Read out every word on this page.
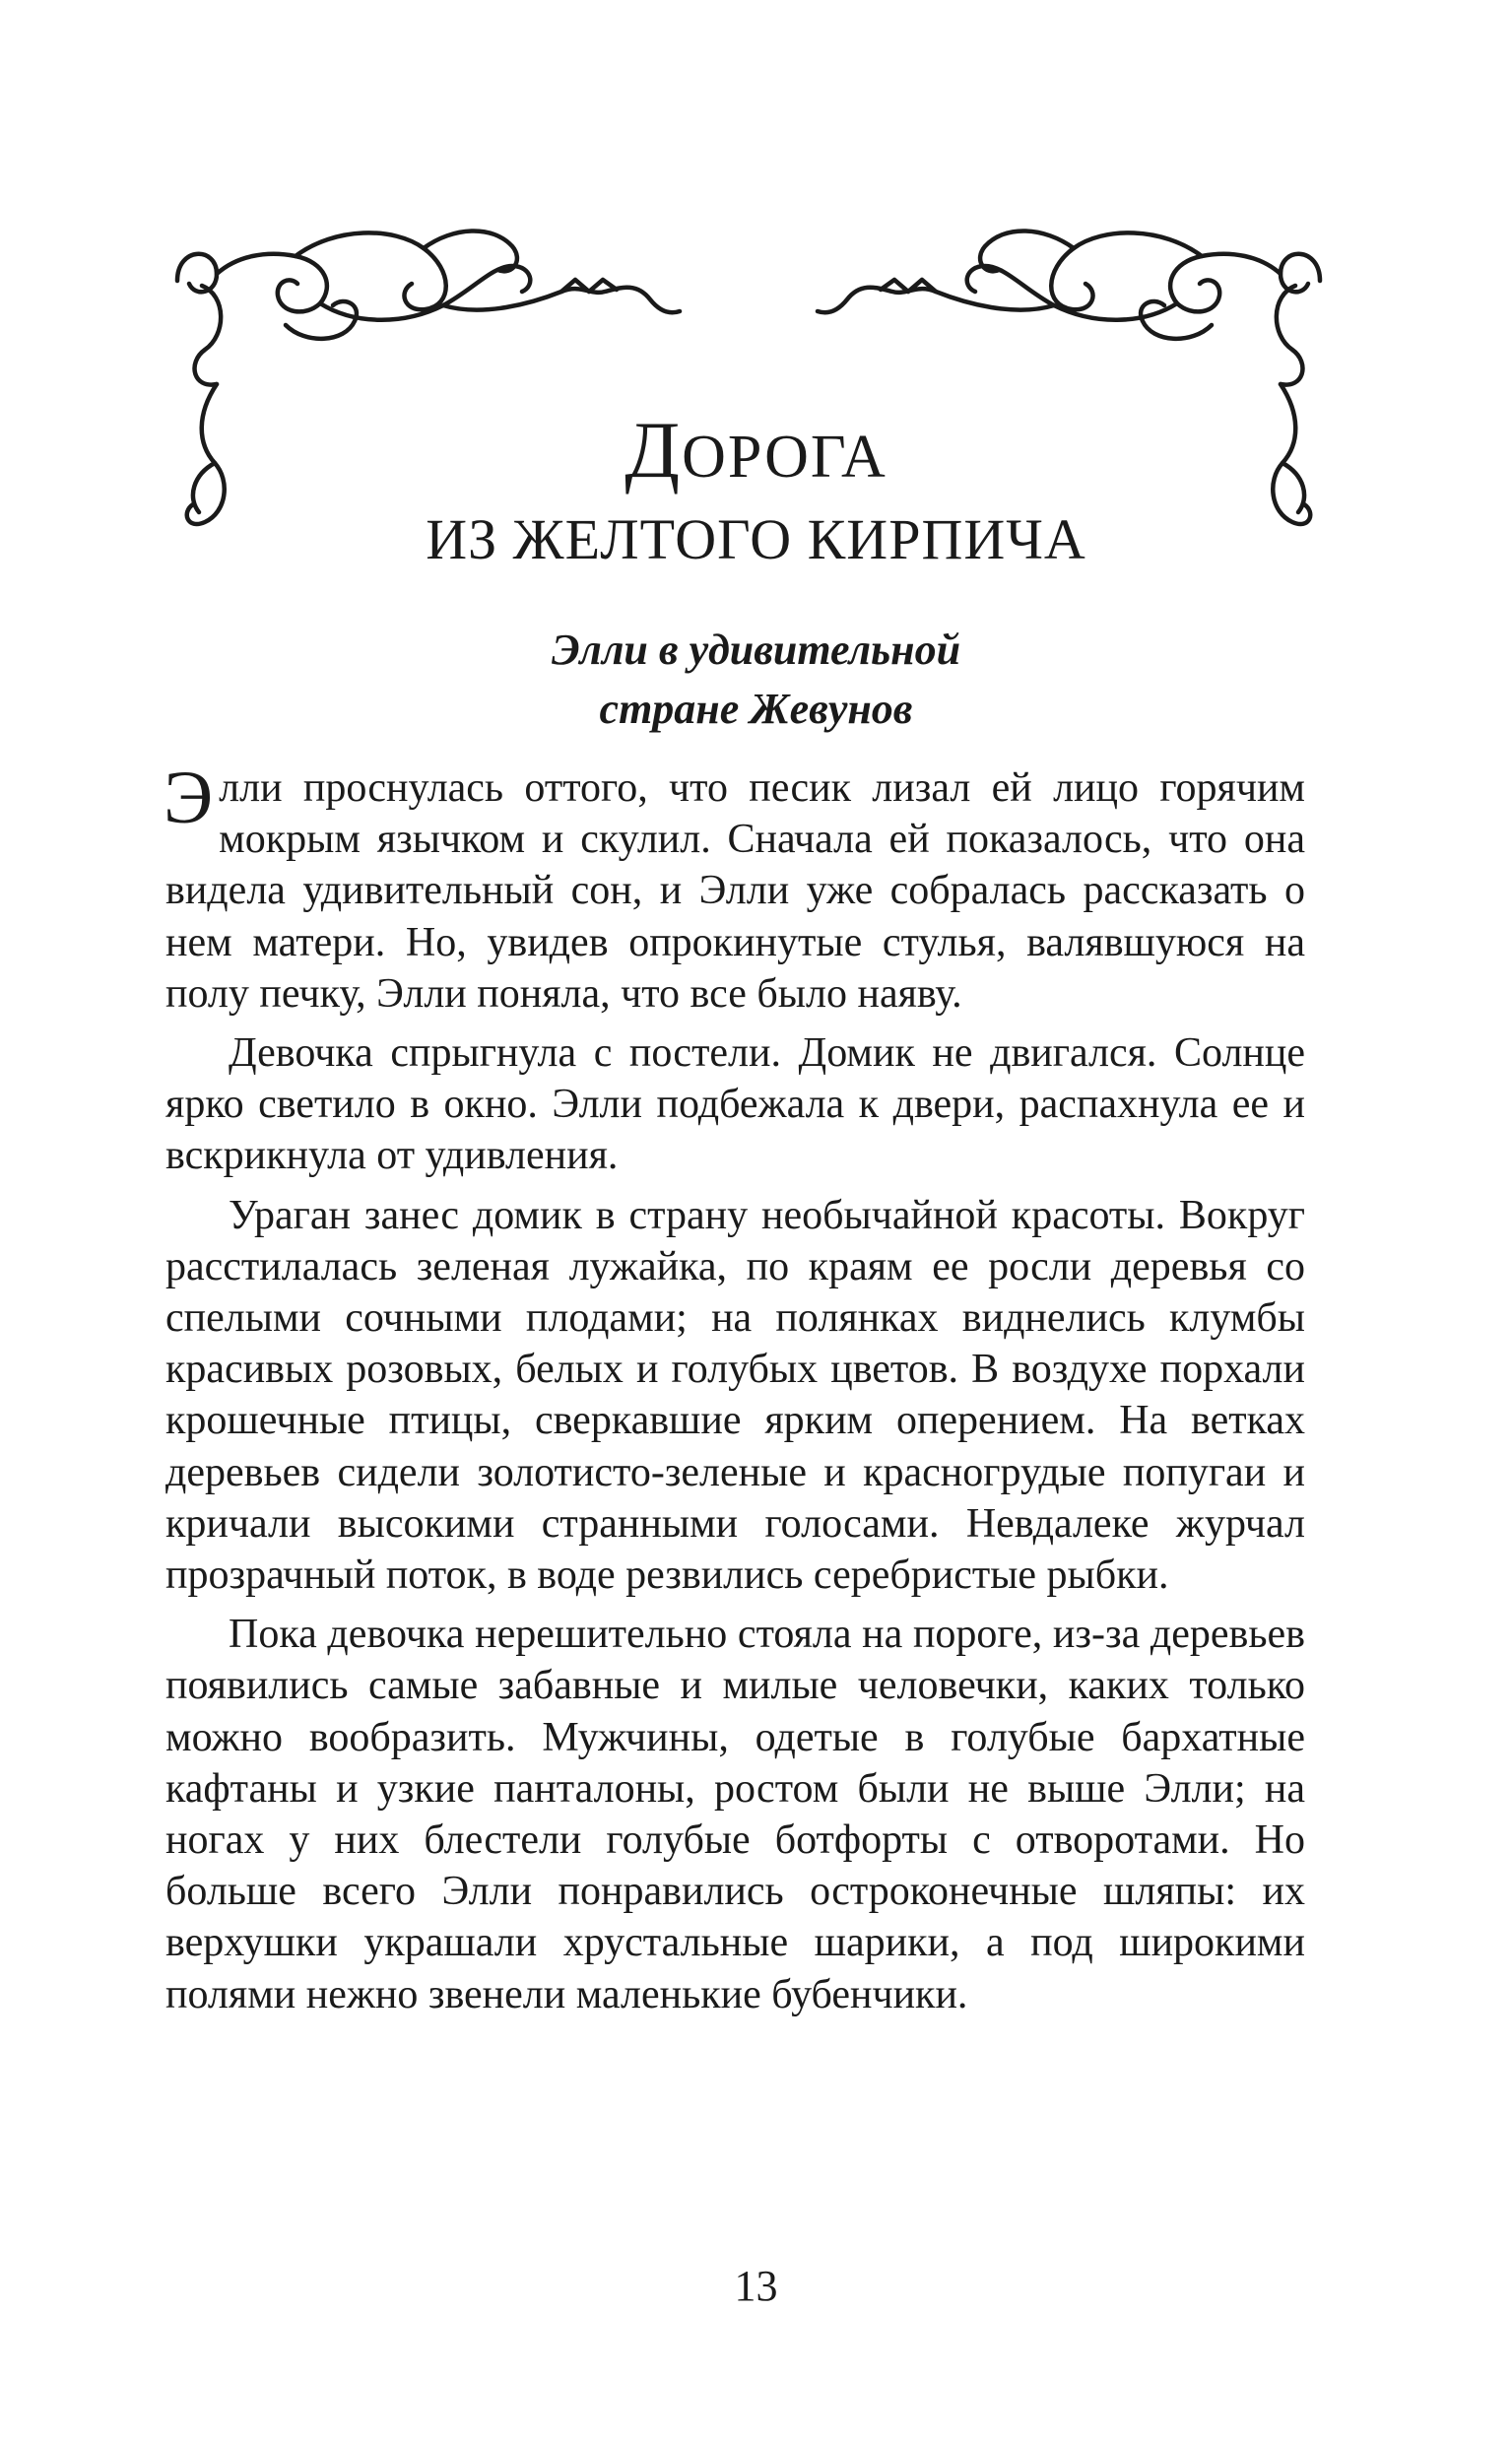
ДОРОГА
ИЗ ЖЕЛТОГО КИРПИЧА
Элли в удивительной
стране Жевунов

Элли проснулась оттого, что песик лизал ей лицо горячим мокрым язычком и скулил. Сначала ей показалось, что она видела удивительный сон, и Элли уже собралась рассказать о нем матери. Но, увидев опрокинутые стулья, валявшуюся на полу печку, Элли поняла, что все было наяву.

Девочка спрыгнула с постели. Домик не двигался. Солнце ярко светило в окно. Элли подбежала к двери, распахнула ее и вскрикнула от удивления.

Ураган занес домик в страну необычайной красоты. Вокруг расстилалась зеленая лужайка, по краям ее росли деревья со спелыми сочными плодами; на полянках виднелись клумбы красивых розовых, белых и голубых цветов. В воздухе порхали крошечные птицы, сверкавшие ярким оперением. На ветках деревьев сидели золотисто-зеленые и красногрудые попугаи и кричали высокими странными голосами. Невдалеке журчал прозрачный поток, в воде резвились серебристые рыбки.

Пока девочка нерешительно стояла на пороге, из-за деревьев появились самые забавные и милые человечки, каких только можно вообразить. Мужчины, одетые в голубые бархатные кафтаны и узкие панталоны, ростом были не выше Элли; на ногах у них блестели голубые ботфорты с отворотами. Но больше всего Элли понравились остроконечные шляпы: их верхушки украшали хрустальные шарики, а под широкими полями нежно звенели маленькие бубенчики.

13
